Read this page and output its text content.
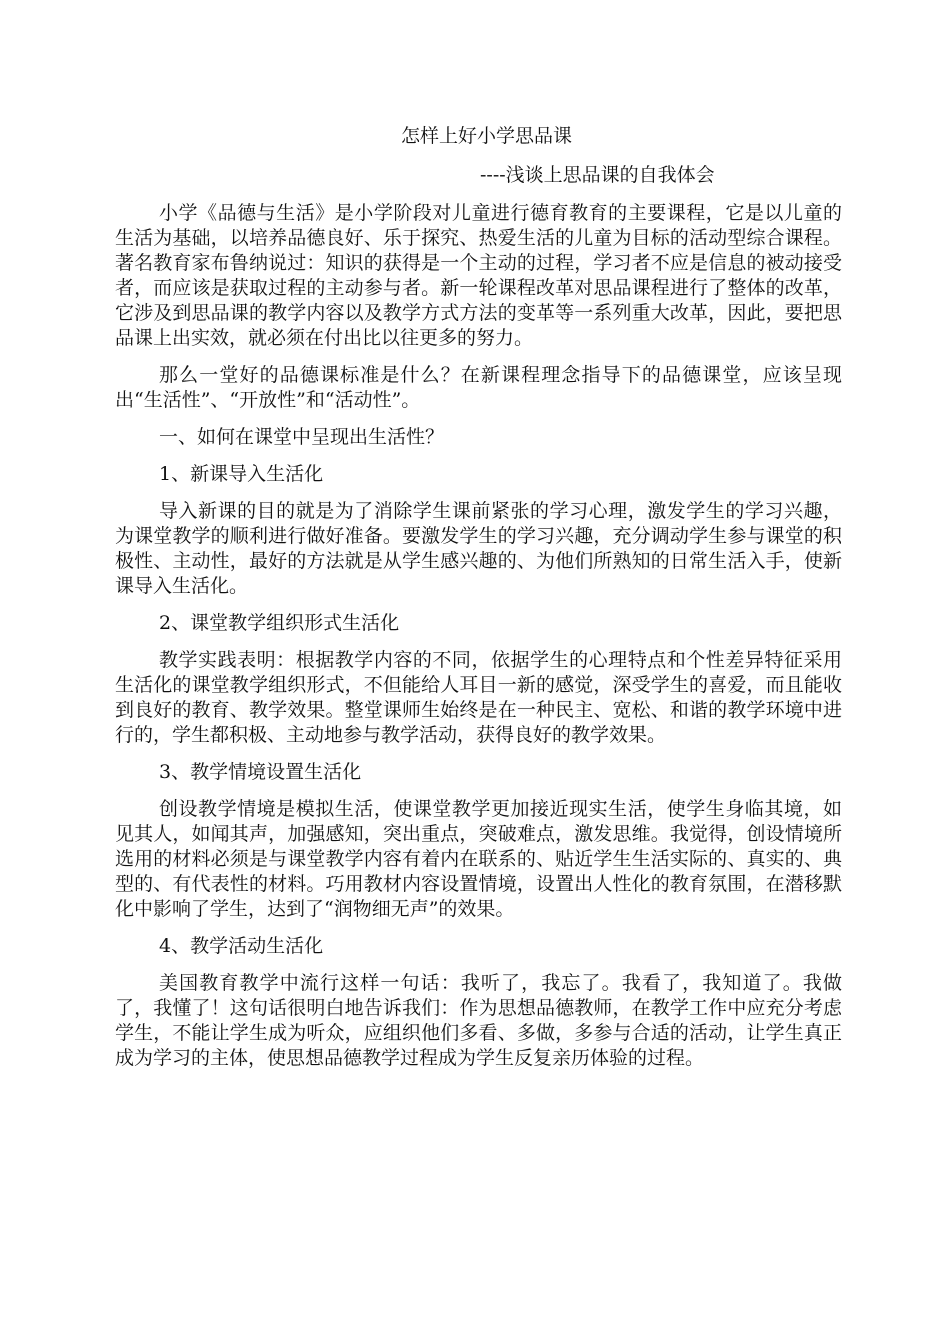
怎样上好小学思品课
----浅谈上思品课的自我体会

小学《品德与生活》是小学阶段对儿童进行德育教育的主要课程，它是以儿童的生活为基础，以培养品德良好、乐于探究、热爱生活的儿童为目标的活动型综合课程。著名教育家布鲁纳说过：知识的获得是一个主动的过程，学习者不应是信息的被动接受者，而应该是获取过程的主动参与者。新一轮课程改革对思品课程进行了整体的改革，它涉及到思品课的教学内容以及教学方式方法的变革等一系列重大改革，因此，要把思品课上出实效，就必须在付出比以往更多的努力。

那么一堂好的品德课标准是什么？在新课程理念指导下的品德课堂，应该呈现出“生活性”、“开放性”和“活动性”。

一、如何在课堂中呈现出生活性？

1、新课导入生活化

导入新课的目的就是为了消除学生课前紧张的学习心理，激发学生的学习兴趣，为课堂教学的顺利进行做好准备。要激发学生的学习兴趣，充分调动学生参与课堂的积极性、主动性，最好的方法就是从学生感兴趣的、为他们所熟知的日常生活入手，使新课导入生活化。

2、课堂教学组织形式生活化

教学实践表明：根据教学内容的不同，依据学生的心理特点和个性差异特征采用生活化的课堂教学组织形式，不但能给人耳目一新的感觉，深受学生的喜爱，而且能收到良好的教育、教学效果。整堂课师生始终是在一种民主、宽松、和谐的教学环境中进行的，学生都积极、主动地参与教学活动，获得良好的教学效果。

3、教学情境设置生活化

创设教学情境是模拟生活，使课堂教学更加接近现实生活，使学生身临其境，如见其人，如闻其声，加强感知，突出重点，突破难点，激发思维。我觉得，创设情境所选用的材料必须是与课堂教学内容有着内在联系的、贴近学生生活实际的、真实的、典型的、有代表性的材料。巧用教材内容设置情境，设置出人性化的教育氛围，在潜移默化中影响了学生，达到了“润物细无声”的效果。

4、教学活动生活化

美国教育教学中流行这样一句话：我听了，我忘了。我看了，我知道了。我做了，我懂了！这句话很明白地告诉我们：作为思想品德教师，在教学工作中应充分考虑学生，不能让学生成为听众，应组织他们多看、多做，多参与合适的活动，让学生真正成为学习的主体，使思想品德教学过程成为学生反复亲历体验的过程。
